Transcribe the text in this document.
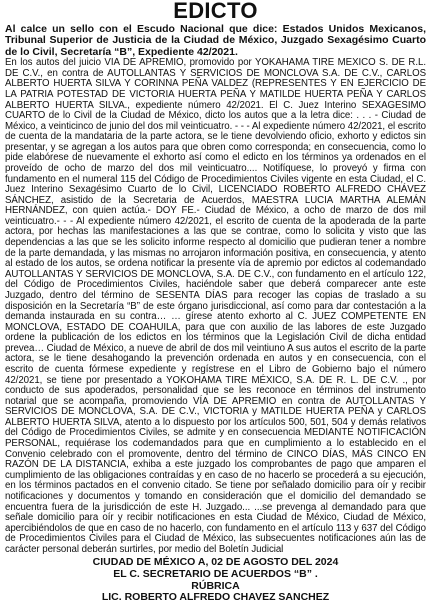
EDICTO

Al calce un sello con el Escudo Nacional que dice: Estados Unidos Mexicanos, Tribunal Superior de Justicia de la Ciudad de México, Juzgado Sexagésimo Cuarto de lo Civil, Secretaría “B”, Expediente 42/2021.

En los autos del juicio VIA DE APREMIO, promovido por YOKAHAMA TIRE MEXICO S. DE R.L. DE C.V., en contra de AUTOLLANTAS Y SERVICIOS DE MONCLOVA S.A. DE C.V., CARLOS ALBERTO HUERTA SILVA Y CORINNA PEÑA VALDEZ (REPRESENTES Y EN EJERCICIO DE LA PATRIA POTESTAD DE VICTORIA HUERTA PEÑA Y MATILDE HUERTA PEÑA Y CARLOS ALBERTO HUERTA SILVA., expediente número 42/2021. El C. Juez Interino SEXAGESIMO CUARTO de lo Civil de la Ciudad de México, dicto los autos que a la letra dice: . . . - Ciudad de México, a veinticinco de junio del dos mil veinticuatro. - - - Al expediente número 42/2021, el escrito de cuenta de la mandataria de la parte actora, se le tiene devolviendo oficio, exhorto y edictos sin presentar, y se agregan a los autos para que obren como corresponda; en consecuencia, como lo pide elabórese de nuevamente el exhorto así como el edicto en los términos ya ordenados en el proveído de ocho de marzo del dos mil veinticuatro.... Notifíquese, lo proveyó y firma con fundamento en el numeral 115 del Código de Procedimientos Civiles vigente en esta Ciudad, el C. Juez Interino Sexagésimo Cuarto de lo Civil, LICENCIADO ROBERTO ALFREDO CHÁVEZ SÁNCHEZ, asistido de la Secretaria de Acuerdos, MAESTRA LUCIA MARTHA ALEMÁN HERNÁNDEZ, con quien actúa.- DOY FE.- Ciudad de México, a ocho de marzo de dos mil veinticuatro.- - - Al expediente número 42/2021, el escrito de cuenta de la apoderada de la parte actora, por hechas las manifestaciones a las que se contrae, como lo solicita y visto que las dependencias a las que se les solicito informe respecto al domicilio que pudieran tener a nombre de la parte demandada, y las mismas no arrojaron información positiva, en consecuencia, y atento al estado de los autos, se ordena notificar la presente vía de apremio por edictos al codemandado AUTOLLANTAS Y SERVICIOS DE MONCLOVA, S.A. DE C.V., con fundamento en el artículo 122, del Código de Procedimientos Civiles, haciéndole saber que deberá comparecer ante este Juzgado, dentro del término de SESENTA DÍAS para recoger las copias de traslado a su disposición en la Secretaría “B” de este órgano jurisdiccional, así como para dar contestación a la demanda instaurada en su contra… … gírese atento exhorto al C. JUEZ COMPETENTE EN MONCLOVA, ESTADO DE COAHUILA, para que con auxilio de las labores de este Juzgado ordene la publicación de los edictos en los términos que la Legislación Civil de dicha entidad prevea… Ciudad de México, a nueve de abril de dos mil veintiuno A sus autos el escrito de la parte actora, se le tiene desahogando la prevención ordenada en autos y en consecuencia, con el escrito de cuenta fórmese expediente y regístrese en el Libro de Gobierno bajo el número 42/2021, se tiene por presentado a YOKOHAMA TIRE MÉXICO, S.A. DE R. L. DE C.V. ., por conducto de sus apoderados, personalidad que se les reconoce en términos del instrumento notarial que se acompaña, promoviendo VÍA DE APREMIO en contra de AUTOLLANTAS Y SERVICIOS DE MONCLOVA, S.A. DE C.V., VICTORIA y MATILDE HUERTA PEÑA y CARLOS ALBERTO HUERTA SILVA, atento a lo dispuesto por los artículos 500, 501, 504 y demás relativos del Código de Procedimientos Civiles, se admite y en consecuencia MEDIANTE NOTIFICACIÓN PERSONAL, requiérase los codemandados para que en cumplimiento a lo establecido en el Convenio celebrado con el promovente, dentro del término de CINCO DÍAS, MÁS CINCO EN RAZÓN DE LA DISTANCIA, exhiba a este juzgado los comprobantes de pago que amparen el cumplimiento de las obligaciones contraídas y en caso de no hacerlo se procederá a su ejecución, en los términos pactados en el convenio citado. Se tiene por señalado domicilio para oír y recibir notificaciones y documentos y tomando en consideración que el domicilio del demandado se encuentra fuera de la jurisdicción de este H. Juzgado... ...se prevenga al demandado para que señale domicilio para oír y recibir notificaciones en esta Ciudad de México, Ciudad de México, apercibiéndolos de que en caso de no hacerlo, con fundamento en el artículo 113 y 637 del Código de Procedimientos Civiles para el Ciudad de México, las subsecuentes notificaciones aún las de carácter personal deberán surtirles, por medio del Boletín Judicial

CIUDAD DE MÉXICO A, 02 DE AGOSTO DEL 2024
EL C. SECRETARIO DE ACUERDOS “B” .
RÚBRICA
LIC. ROBERTO ALFREDO CHAVEZ SANCHEZ
